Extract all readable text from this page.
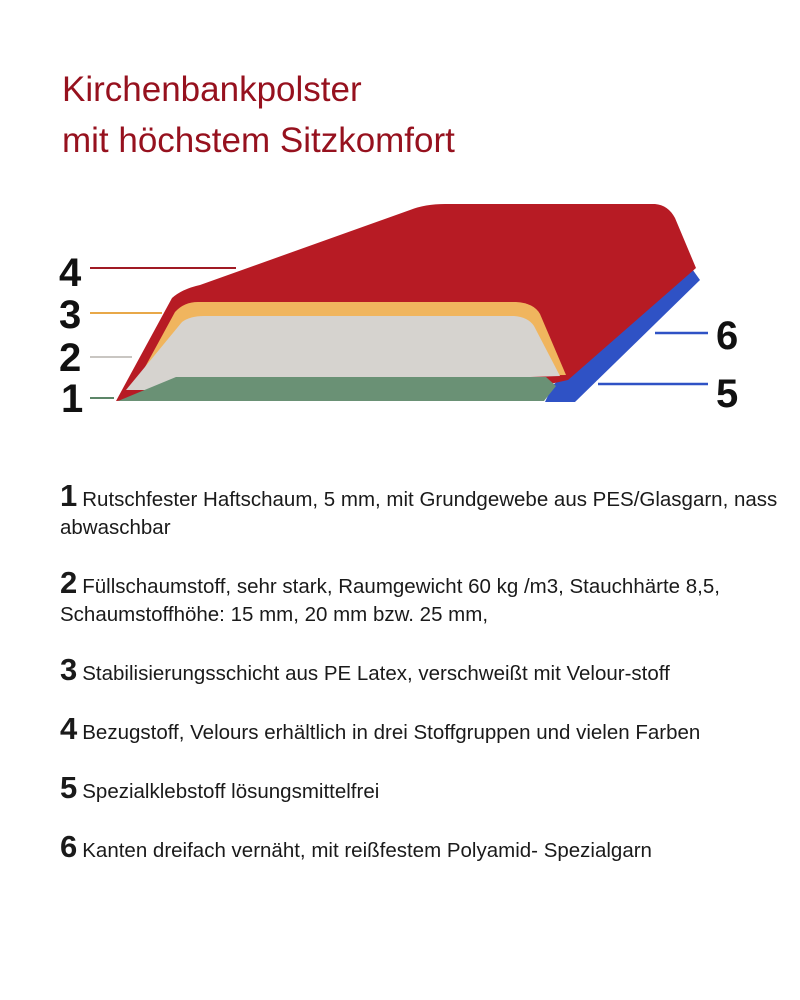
Kirchenbankpolster
mit höchstem Sitzkomfort
4
3
2
1
6
5

1 Rutschfester Haftschaum, 5 mm, mit Grundgewebe aus PES/Glasgarn, nass abwaschbar

2 Füllschaumstoff, sehr stark, Raumgewicht 60 kg /m3, Stauchhärte 8,5, Schaumstoffhöhe: 15 mm, 20 mm bzw. 25 mm,

3 Stabilisierungsschicht aus PE Latex, verschweißt mit Velour-stoff

4 Bezugstoff, Velours erhältlich in drei Stoffgruppen und vielen Farben

5 Spezialklebstoff lösungsmittelfrei

6 Kanten dreifach vernäht, mit reißfestem Polyamid- Spezialgarn
